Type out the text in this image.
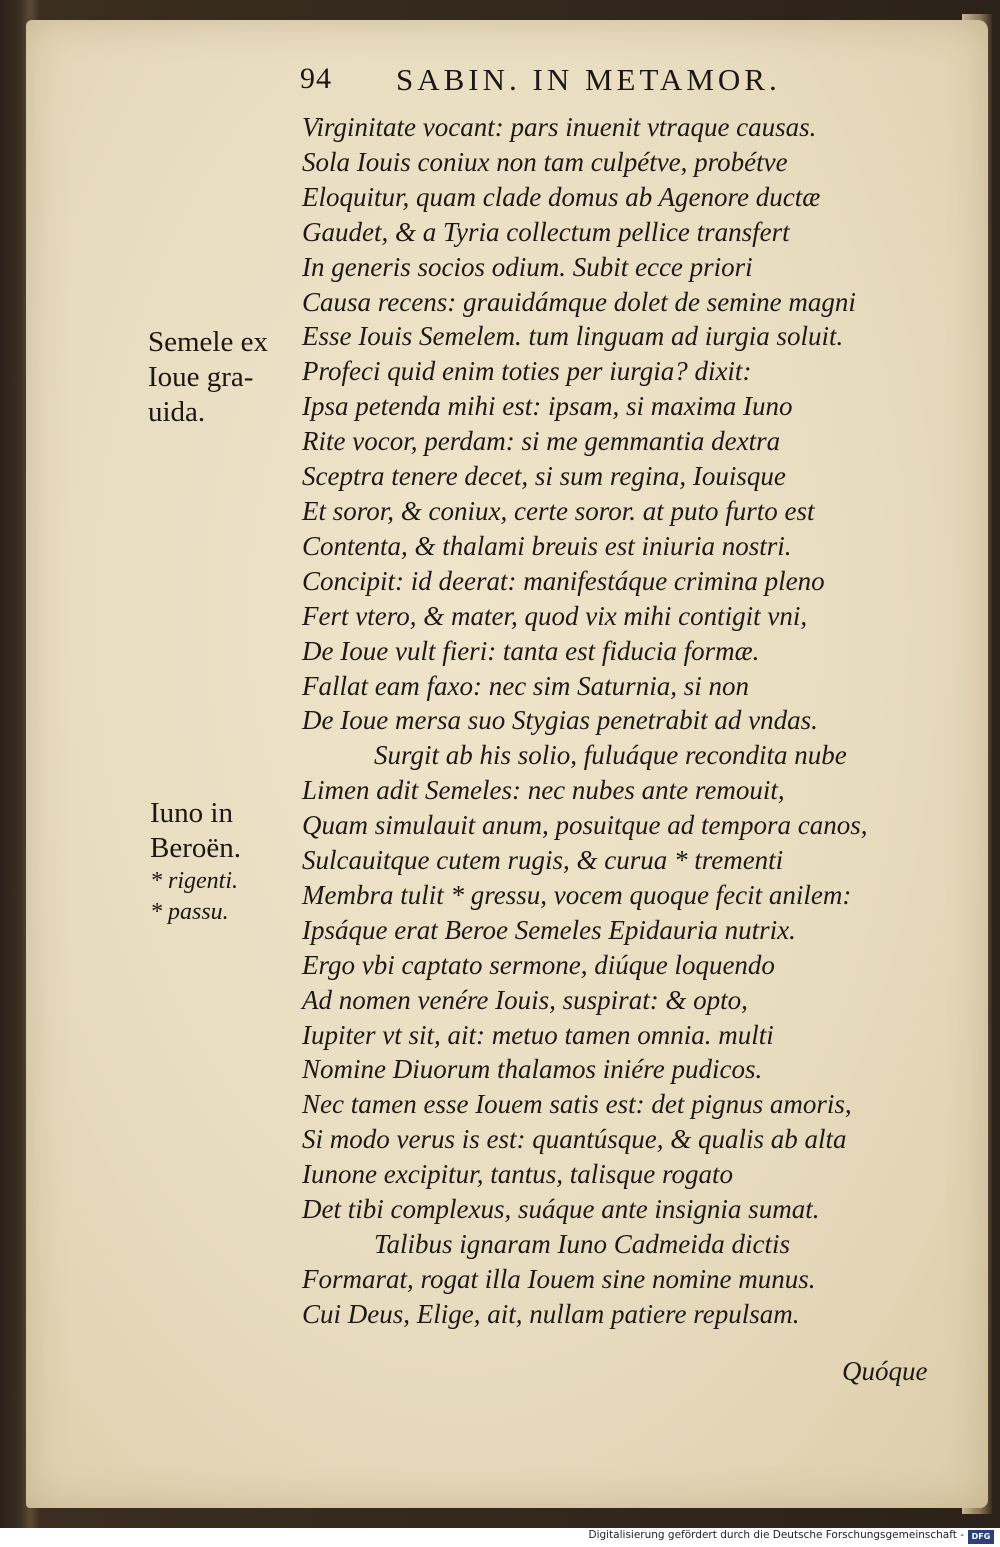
94 SABIN. IN METAMOR.
Semele ex
Ioue gra-
uida.
Iuno in
Beroën.
* rigenti.
* passu.
Virginitate vocant: pars inuenit vtraque causas.
Sola Iouis coniux non tam culpétve, probétve
Eloquitur, quam clade domus ab Agenore ductæ
Gaudet, & a Tyria collectum pellice transfert
In generis socios odium. Subit ecce priori
Causa recens: grauidámque dolet de semine magni
Esse Iouis Semelem. tum linguam ad iurgia soluit.
Profeci quid enim toties per iurgia? dixit:
Ipsa petenda mihi est: ipsam, si maxima Iuno
Rite vocor, perdam: si me gemmantia dextra
Sceptra tenere decet, si sum regina, Iouisque
Et soror, & coniux, certe soror. at puto furto est
Contenta, & thalami breuis est iniuria nostri.
Concipit: id deerat: manifestáque crimina pleno
Fert vtero, & mater, quod vix mihi contigit vni,
De Ioue vult fieri: tanta est fiducia formæ.
Fallat eam faxo: nec sim Saturnia, si non
De Ioue mersa suo Stygias penetrabit ad vndas.
Surgit ab his solio, fuluáque recondita nube
Limen adit Semeles: nec nubes ante remouit,
Quam simulauit anum, posuitque ad tempora canos,
Sulcauitque cutem rugis, & curua * trementi
Membra tulit * gressu, vocem quoque fecit anilem:
Ipsáque erat Beroe Semeles Epidauria nutrix.
Ergo vbi captato sermone, diúque loquendo
Ad nomen venére Iouis, suspirat: & opto,
Iupiter vt sit, ait: metuo tamen omnia. multi
Nomine Diuorum thalamos iniére pudicos.
Nec tamen esse Iouem satis est: det pignus amoris,
Si modo verus is est: quantúsque, & qualis ab alta
Iunone excipitur, tantus, talisque rogato
Det tibi complexus, suáque ante insignia sumat.
Talibus ignaram Iuno Cadmeida dictis
Formarat, rogat illa Iouem sine nomine munus.
Cui Deus, Elige, ait, nullam patiere repulsam.
Quóque
Digitalisierung gefördert durch die Deutsche Forschungsgemeinschaft - DFG
